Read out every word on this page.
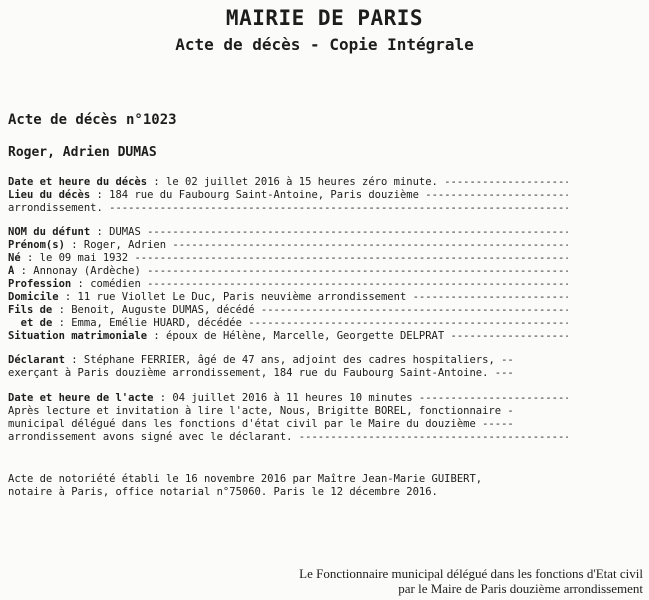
MAIRIE DE PARIS
Acte de décès - Copie Intégrale
Acte de décès n°1023
Roger, Adrien DUMAS
Date et heure du décès : le 02 juillet 2016 à 15 heures zéro minute. -----
Lieu du décès : 184 rue du Faubourg Saint-Antoine, Paris douzième -----
arrondissement. -----
NOM du défunt : DUMAS -----
Prénom(s) : Roger, Adrien -----
Né : le 09 mai 1932 -----
À : Annonay (Ardèche) -----
Profession : comédien -----
Domicile : 11 rue Viollet Le Duc, Paris neuvième arrondissement -----
Fils de : Benoit, Auguste DUMAS, décédé -----
et de : Emma, Emélie HUARD, décédée -----
Situation matrimoniale : époux de Hélène, Marcelle, Georgette DELPRAT -----
Déclarant : Stéphane FERRIER, âgé de 47 ans, adjoint des cadres hospitaliers, --
exerçant à Paris douzième arrondissement, 184 rue du Faubourg Saint-Antoine. ---
Date et heure de l'acte : 04 juillet 2016 à 11 heures 10 minutes -----
Après lecture et invitation à lire l'acte, Nous, Brigitte BOREL, fonctionnaire -
municipal délégué dans les fonctions d'état civil par le Maire du douzième -----
arrondissement avons signé avec le déclarant. -----
Acte de notoriété établi le 16 novembre 2016 par Maître Jean-Marie GUIBERT,
notaire à Paris, office notarial n°75060. Paris le 12 décembre 2016.
Le Fonctionnaire municipal délégué dans les fonctions d'Etat civil
par le Maire de Paris douzième arrondissement
